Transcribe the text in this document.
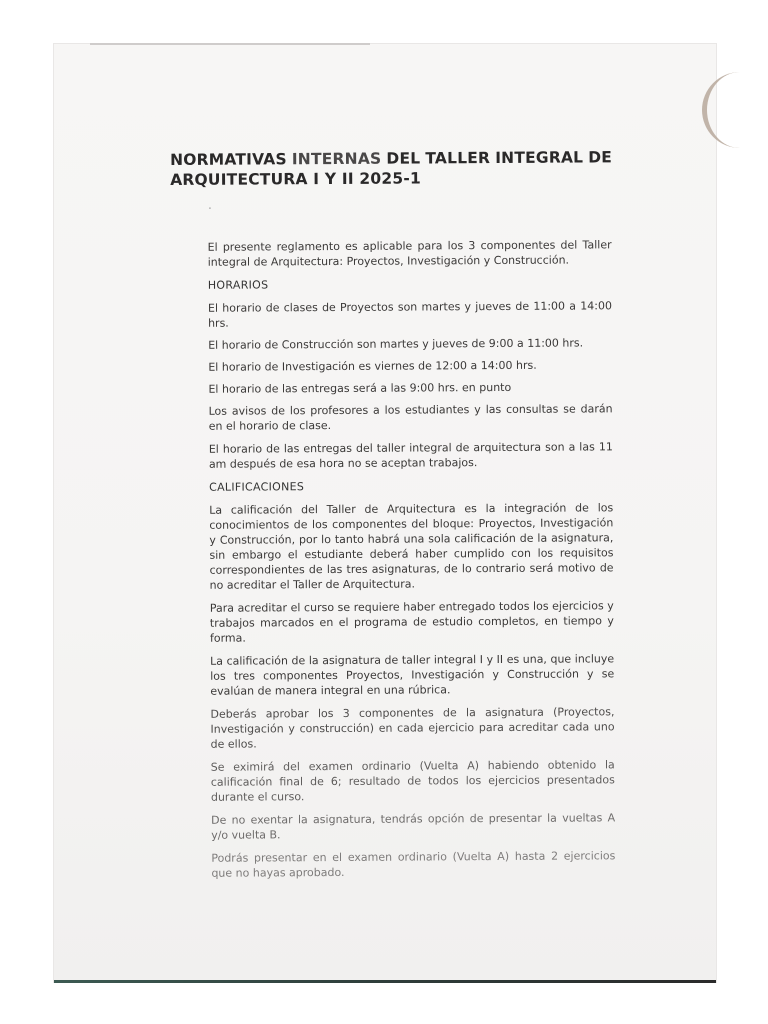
NORMATIVAS INTERNAS DEL TALLER INTEGRAL DE
ARQUITECTURA I Y II 2025-1
.

El presente reglamento es aplicable para los 3 componentes del Taller integral de Arquitectura: Proyectos, Investigación y Construcción.

HORARIOS

El horario de clases de Proyectos son martes y jueves de 11:00 a 14:00 hrs.

El horario de Construcción son martes y jueves de 9:00 a 11:00 hrs.

El horario de Investigación es viernes de 12:00 a 14:00 hrs.

El horario de las entregas será a las 9:00 hrs. en punto

Los avisos de los profesores a los estudiantes y las consultas se darán en el horario de clase.

El horario de las entregas del taller integral de arquitectura son a las 11 am después de esa hora no se aceptan trabajos.

CALIFICACIONES

La calificación del Taller de Arquitectura es la integración de los conocimientos de los componentes del bloque: Proyectos, Investigación y Construcción, por lo tanto habrá una sola calificación de la asignatura, sin embargo el estudiante deberá haber cumplido con los requisitos correspondientes de las tres asignaturas, de lo contrario será motivo de no acreditar el Taller de Arquitectura.

Para acreditar el curso se requiere haber entregado todos los ejercicios y trabajos marcados en el programa de estudio completos, en tiempo y forma.

La calificación de la asignatura de taller integral I y II es una, que incluye los tres componentes Proyectos, Investigación y Construcción y se evalúan de manera integral en una rúbrica.

Deberás aprobar los 3 componentes de la asignatura (Proyectos, Investigación y construcción) en cada ejercicio para acreditar cada uno de ellos.

Se eximirá del examen ordinario (Vuelta A) habiendo obtenido la calificación final de 6; resultado de todos los ejercicios presentados durante el curso.

De no exentar la asignatura, tendrás opción de presentar la vueltas A y/o vuelta B.

Podrás presentar en el examen ordinario (Vuelta A) hasta 2 ejercicios que no hayas aprobado.
